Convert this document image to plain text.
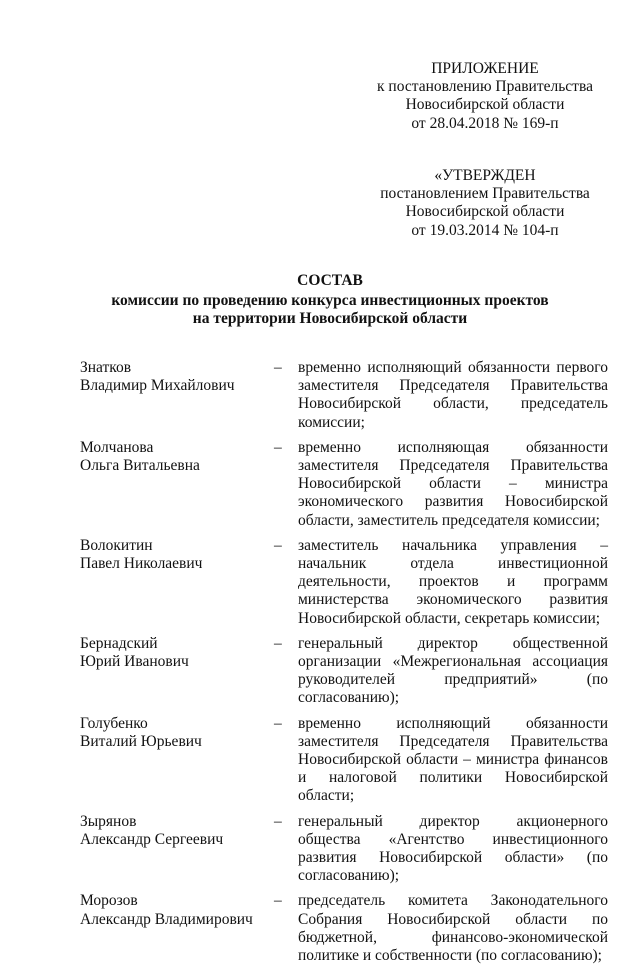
ПРИЛОЖЕНИЕ
к постановлению Правительства
Новосибирской области
от 28.04.2018 № 169-п
«УТВЕРЖДЕН
постановлением Правительства
Новосибирской области
от 19.03.2014 № 104-п
СОСТАВ
комиссии по проведению конкурса инвестиционных проектов
на территории Новосибирской области
Знатков
Владимир Михайлович
–	временно исполняющий обязанности первого заместителя Председателя Правительства Новосибирской области, председатель комиссии;
Молчанова
Ольга Витальевна
–	временно исполняющая обязанности заместителя Председателя Правительства Новосибирской области – министра экономического развития Новосибирской области, заместитель председателя комиссии;
Волокитин
Павел Николаевич
–	заместитель начальника управления – начальник отдела инвестиционной деятельности, проектов и программ министерства экономического развития Новосибирской области, секретарь комиссии;
Бернадский
Юрий Иванович
–	генеральный директор общественной организации «Межрегиональная ассоциация руководителей предприятий» (по согласованию);
Голубенко
Виталий Юрьевич
–	временно исполняющий обязанности заместителя Председателя Правительства Новосибирской области – министра финансов и налоговой политики Новосибирской области;
Зырянов
Александр Сергеевич
–	генеральный директор акционерного общества «Агентство инвестиционного развития Новосибирской области» (по согласованию);
Морозов
Александр Владимирович
–	председатель комитета Законодательного Собрания Новосибирской области по бюджетной, финансово-экономической политике и собственности (по согласованию);
